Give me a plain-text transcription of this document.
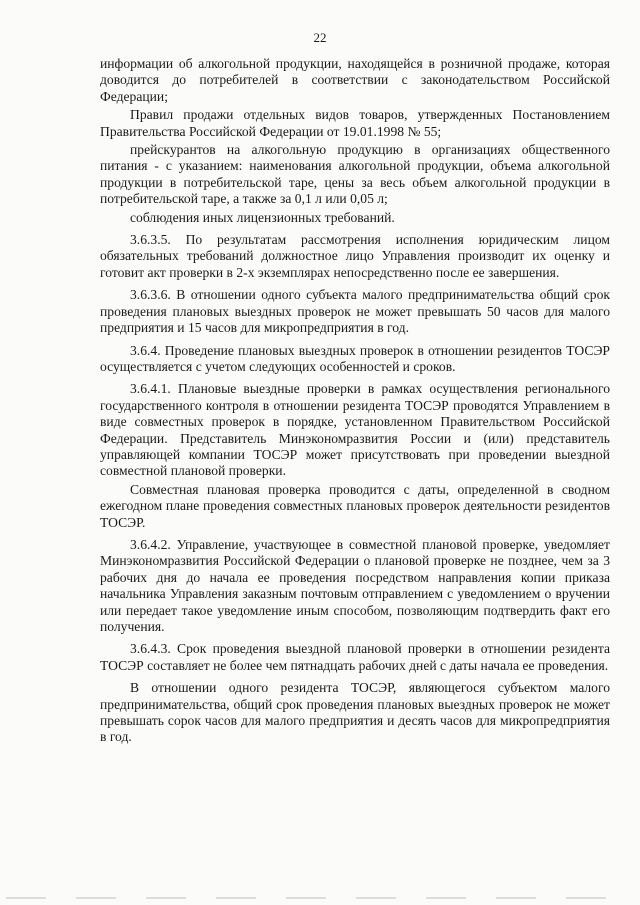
22

информации об алкогольной продукции, находящейся в розничной продаже, которая доводится до потребителей в соответствии с законодательством Российской Федерации;

Правил продажи отдельных видов товаров, утвержденных Постановлением Правительства Российской Федерации от 19.01.1998 № 55;

прейскурантов на алкогольную продукцию в организациях общественного питания - с указанием: наименования алкогольной продукции, объема алкогольной продукции в потребительской таре, цены за весь объем алкогольной продукции в потребительской таре, а также за 0,1 л или 0,05 л;

соблюдения иных лицензионных требований.

3.6.3.5. По результатам рассмотрения исполнения юридическим лицом обязательных требований должностное лицо Управления производит их оценку и готовит акт проверки в 2-х экземплярах непосредственно после ее завершения.

3.6.3.6. В отношении одного субъекта малого предпринимательства общий срок проведения плановых выездных проверок не может превышать 50 часов для малого предприятия и 15 часов для микропредприятия в год.

3.6.4. Проведение плановых выездных проверок в отношении резидентов ТОСЭР осуществляется с учетом следующих особенностей и сроков.

3.6.4.1. Плановые выездные проверки в рамках осуществления регионального государственного контроля в отношении резидента ТОСЭР проводятся Управлением в виде совместных проверок в порядке, установленном Правительством Российской Федерации. Представитель Минэкономразвития России и (или) представитель управляющей компании ТОСЭР может присутствовать при проведении выездной совместной плановой проверки.

Совместная плановая проверка проводится с даты, определенной в сводном ежегодном плане проведения совместных плановых проверок деятельности резидентов ТОСЭР.

3.6.4.2. Управление, участвующее в совместной плановой проверке, уведомляет Минэкономразвития Российской Федерации о плановой проверке не позднее, чем за 3 рабочих дня до начала ее проведения посредством направления копии приказа начальника Управления заказным почтовым отправлением с уведомлением о вручении или передает такое уведомление иным способом, позволяющим подтвердить факт его получения.

3.6.4.3. Срок проведения выездной плановой проверки в отношении резидента ТОСЭР составляет не более чем пятнадцать рабочих дней с даты начала ее проведения.

В отношении одного резидента ТОСЭР, являющегося субъектом малого предпринимательства, общий срок проведения плановых выездных проверок не может превышать сорок часов для малого предприятия и десять часов для микропредприятия в год.
